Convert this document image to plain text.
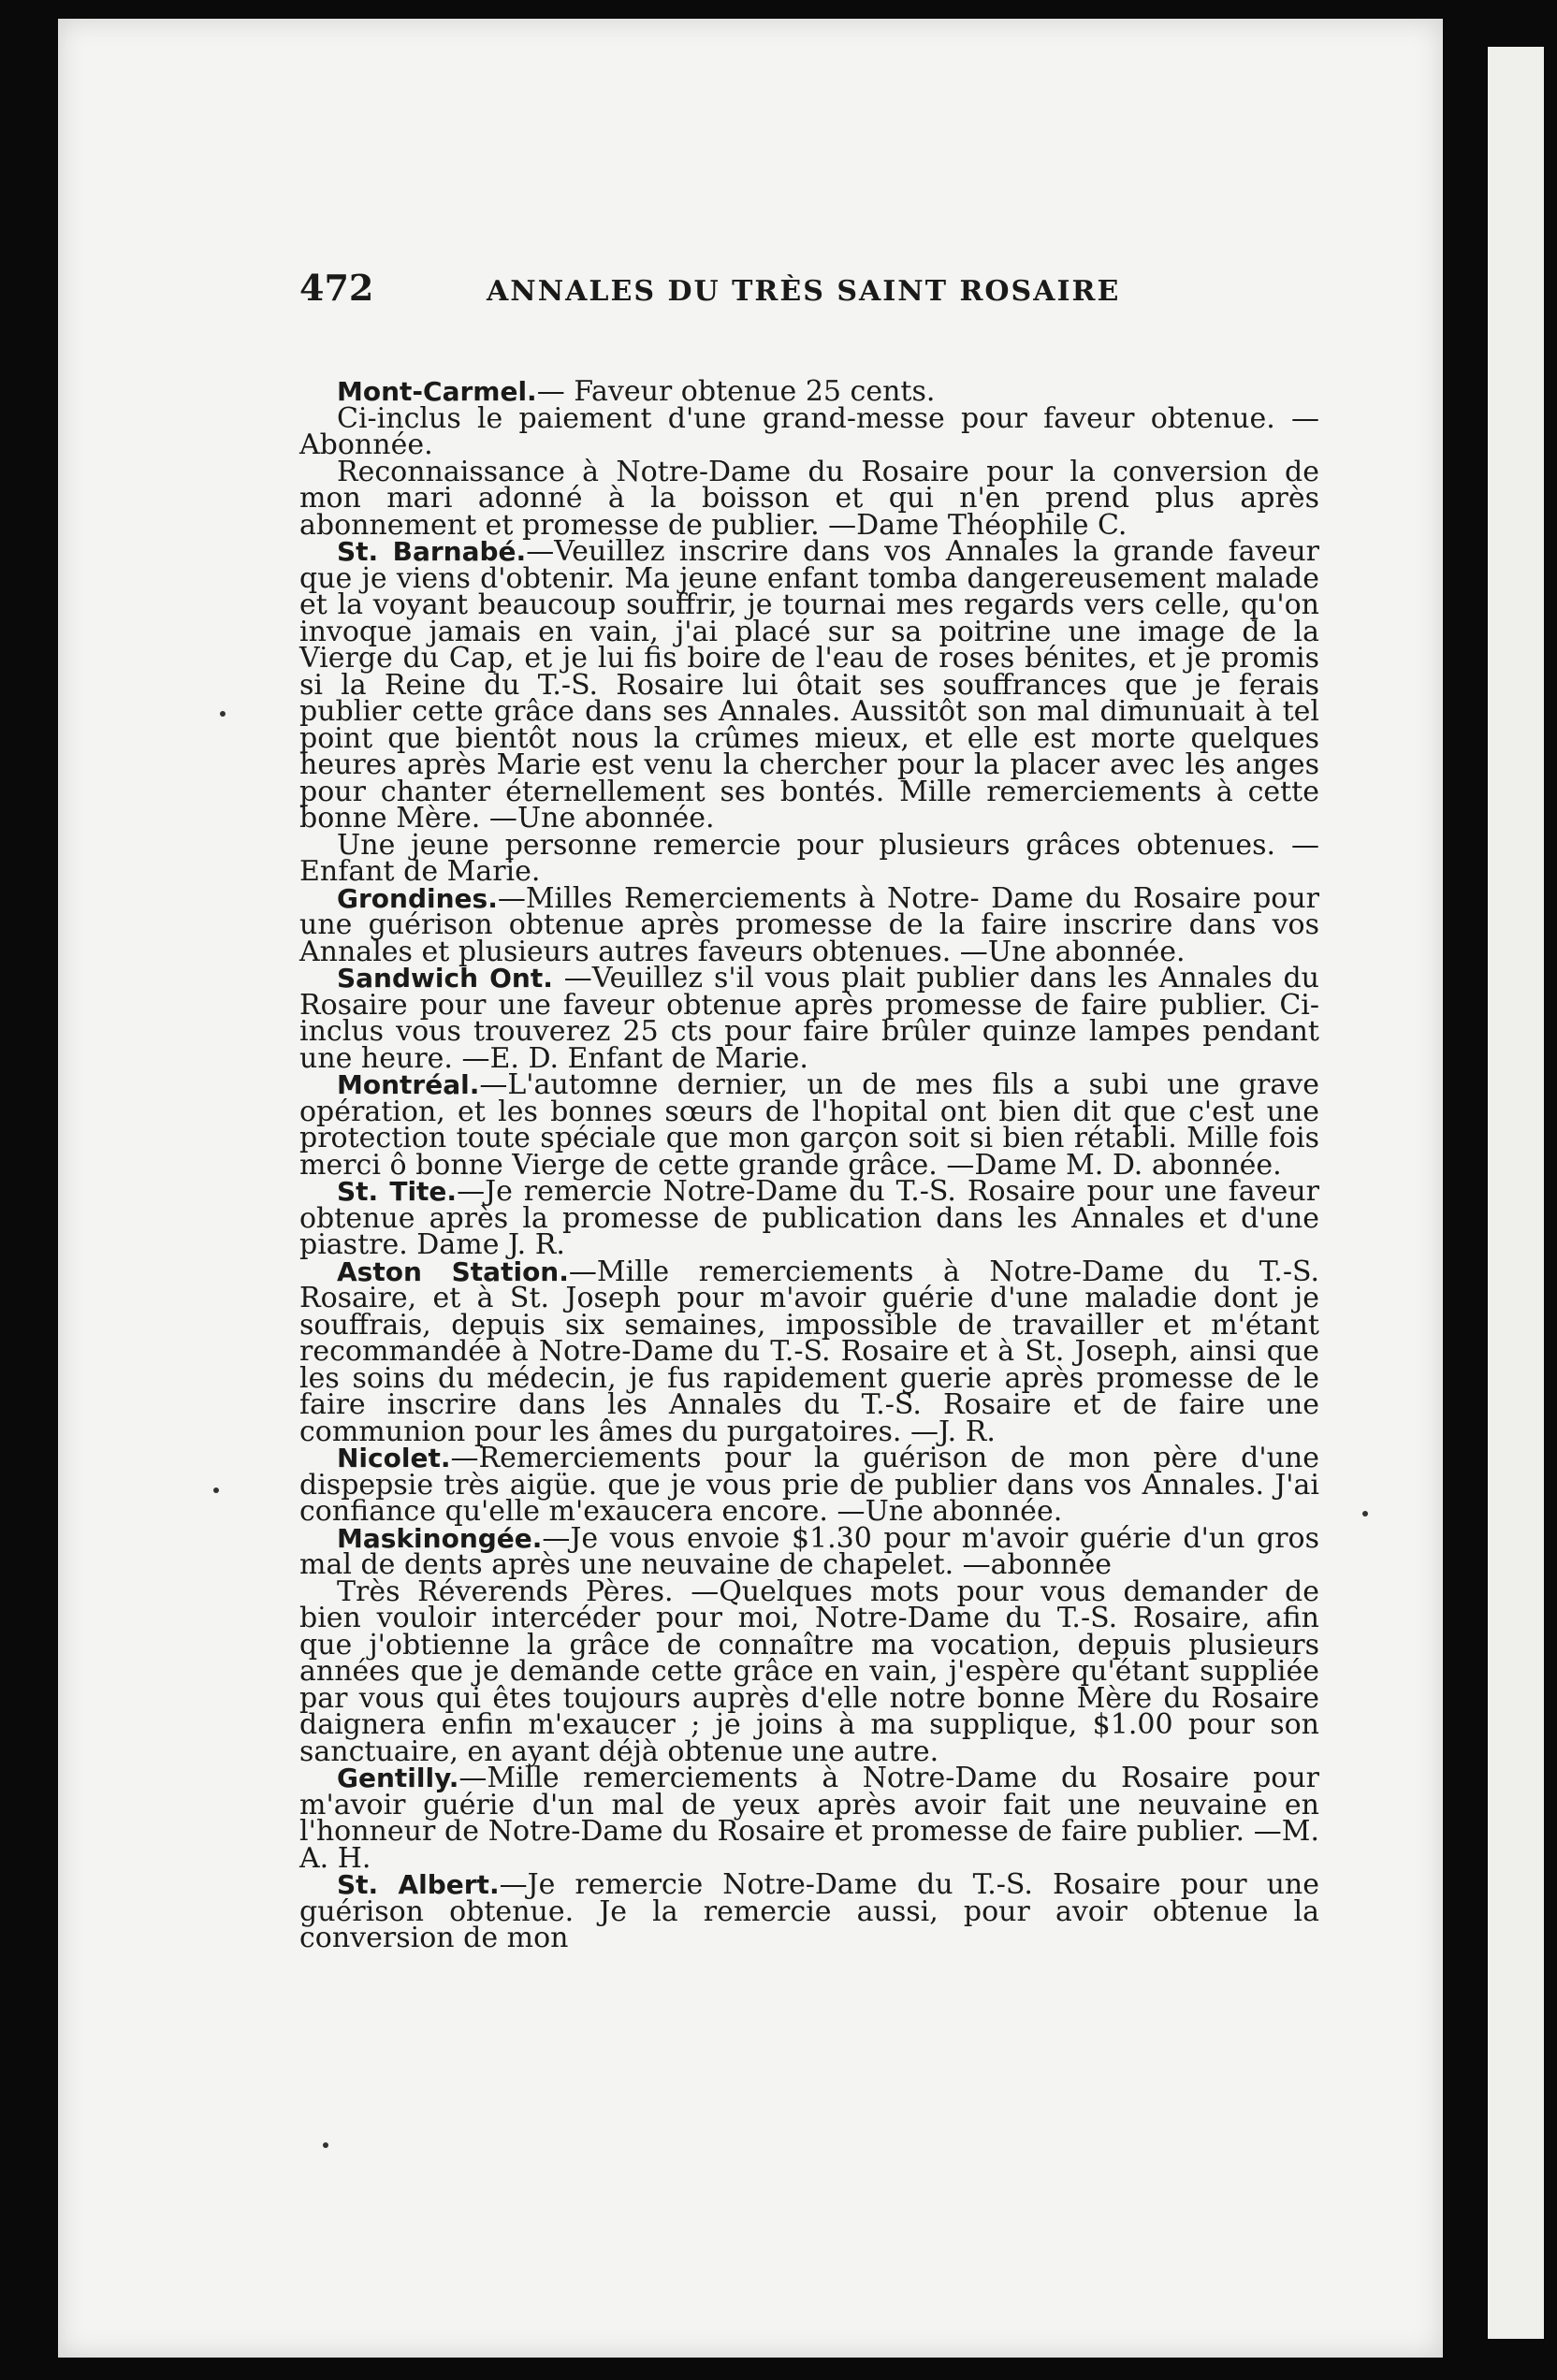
472	ANNALES DU TRÈS SAINT ROSAIRE

Mont-Carmel.— Faveur obtenue 25 cents.

Ci-inclus le paiement d'une grand-messe pour faveur obtenue. —Abonnée.

Reconnaissance à Notre-Dame du Rosaire pour la conversion de mon mari adonné à la boisson et qui n'en prend plus après abonnement et promesse de publier. —Dame Théophile C.

St. Barnabé.—Veuillez inscrire dans vos Annales la grande faveur que je viens d'obtenir. Ma jeune enfant tomba dangereusement malade et la voyant beaucoup souffrir, je tournai mes regards vers celle, qu'on invoque jamais en vain, j'ai placé sur sa poitrine une image de la Vierge du Cap, et je lui fis boire de l'eau de roses bénites, et je promis si la Reine du T.-S. Rosaire lui ôtait ses souffrances que je ferais publier cette grâce dans ses Annales. Aussitôt son mal dimunuait à tel point que bientôt nous la crûmes mieux, et elle est morte quelques heures après Marie est venu la chercher pour la placer avec les anges pour chanter éternellement ses bontés. Mille remerciements à cette bonne Mère. —Une abonnée.

Une jeune personne remercie pour plusieurs grâces obtenues. —Enfant de Marie.

Grondines.—Milles Remerciements à Notre- Dame du Rosaire pour une guérison obtenue après promesse de la faire inscrire dans vos Annales et plusieurs autres faveurs obtenues. —Une abonnée.

Sandwich Ont. —Veuillez s'il vous plait publier dans les Annales du Rosaire pour une faveur obtenue après promesse de faire publier. Ci-inclus vous trouverez 25 cts pour faire brûler quinze lampes pendant une heure. —E. D. Enfant de Marie.

Montréal.—L'automne dernier, un de mes fils a subi une grave opération, et les bonnes sœurs de l'hopital ont bien dit que c'est une protection toute spéciale que mon garçon soit si bien rétabli. Mille fois merci ô bonne Vierge de cette grande grâce. —Dame M. D. abonnée.

St. Tite.—Je remercie Notre-Dame du T.-S. Rosaire pour une faveur obtenue après la promesse de publication dans les Annales et d'une piastre. Dame J. R.

Aston Station.—Mille remerciements à Notre-Dame du T.-S. Rosaire, et à St. Joseph pour m'avoir guérie d'une maladie dont je souffrais, depuis six semaines, impossible de travailler et m'étant recommandée à Notre-Dame du T.-S. Rosaire et à St. Joseph, ainsi que les soins du médecin, je fus rapidement guerie après promesse de le faire inscrire dans les Annales du T.-S. Rosaire et de faire une communion pour les âmes du purgatoires. —J. R.

Nicolet.—Remerciements pour la guérison de mon père d'une dispepsie très aigüe. que je vous prie de publier dans vos Annales. J'ai confiance qu'elle m'exaucera encore. —Une abonnée.

Maskinongée.—Je vous envoie $1.30 pour m'avoir guérie d'un gros mal de dents après une neuvaine de chapelet. —abonnée

Très Réverends Pères. —Quelques mots pour vous demander de bien vouloir intercéder pour moi, Notre-Dame du T.-S. Rosaire, afin que j'obtienne la grâce de connaître ma vocation, depuis plusieurs années que je demande cette grâce en vain, j'espère qu'étant suppliée par vous qui êtes toujours auprès d'elle notre bonne Mère du Rosaire daignera enfin m'exaucer ; je joins à ma supplique, $1.00 pour son sanctuaire, en ayant déjà obtenue une autre.

Gentilly.—Mille remerciements à Notre-Dame du Rosaire pour m'avoir guérie d'un mal de yeux après avoir fait une neuvaine en l'honneur de Notre-Dame du Rosaire et promesse de faire publier. —M. A. H.

St. Albert.—Je remercie Notre-Dame du T.-S. Rosaire pour une guérison obtenue. Je la remercie aussi, pour avoir obtenue la conversion de mon
